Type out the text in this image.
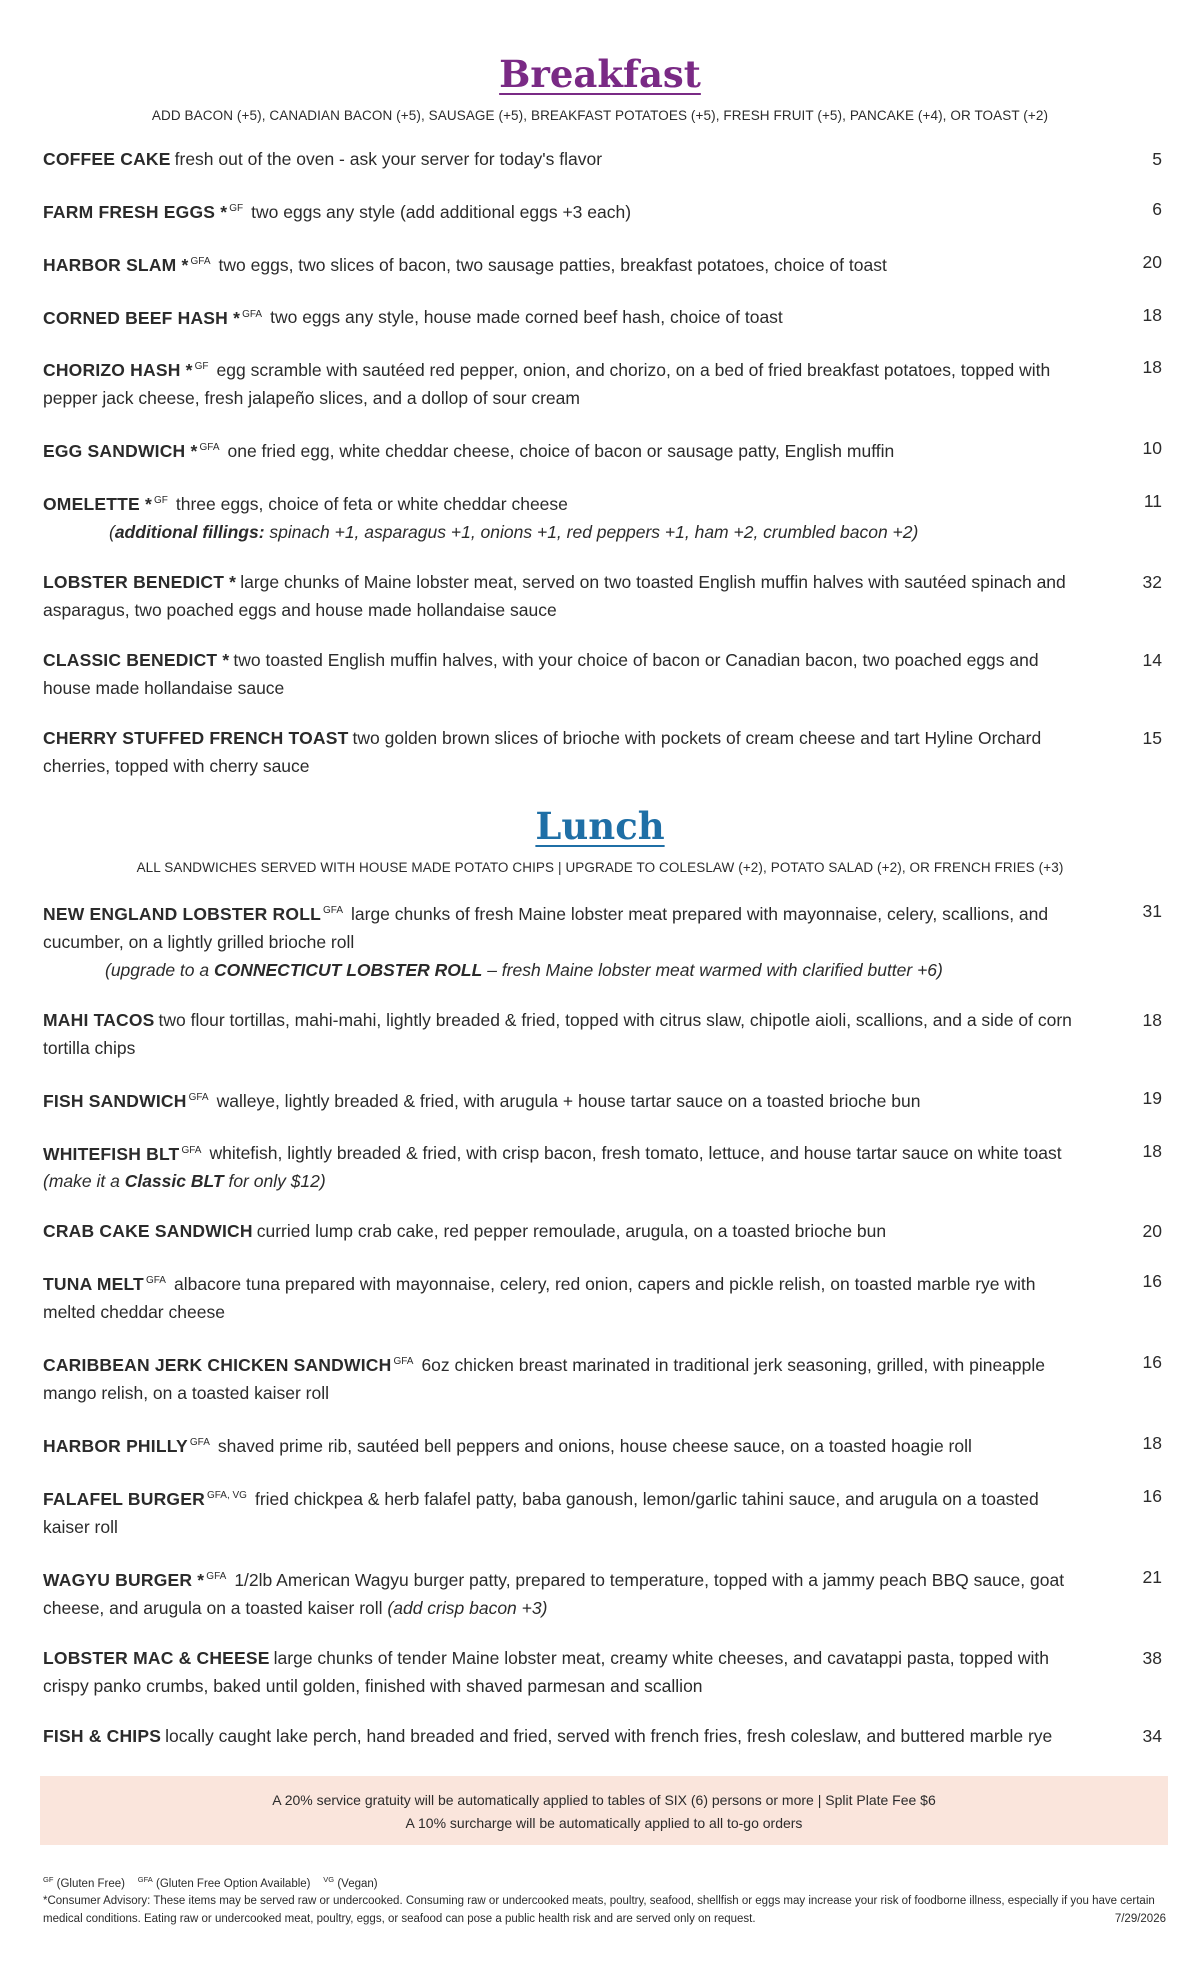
Breakfast
ADD BACON (+5), CANADIAN BACON (+5), SAUSAGE (+5), BREAKFAST POTATOES (+5), FRESH FRUIT (+5), PANCAKE (+4), OR TOAST (+2)
COFFEE CAKE fresh out of the oven - ask your server for today's flavor	5
FARM FRESH EGGS * $^{GF}$ two eggs any style (add additional eggs +3 each)	6
HARBOR SLAM * $^{GFA}$ two eggs, two slices of bacon, two sausage patties, breakfast potatoes, choice of toast	20
CORNED BEEF HASH * $^{GFA}$ two eggs any style, house made corned beef hash, choice of toast	18
CHORIZO HASH * $^{GF}$ egg scramble with sautéed red pepper, onion, and chorizo, on a bed of fried breakfast potatoes, topped with pepper jack cheese, fresh jalapeño slices, and a dollop of sour cream
18
EGG SANDWICH * $^{GFA}$ one fried egg, white cheddar cheese, choice of bacon or sausage patty, English muffin	10
OMELETTE * $^{GF}$ three eggs, choice of feta or white cheddar cheese
(additional fillings: spinach +1, asparagus +1, onions +1, red peppers +1, ham +2, crumbled bacon +2)
11
LOBSTER BENEDICT * large chunks of Maine lobster meat, served on two toasted English muffin halves with sautéed spinach and asparagus, two poached eggs and house made hollandaise sauce
32
CLASSIC BENEDICT * two toasted English muffin halves, with your choice of bacon or Canadian bacon, two poached eggs and house made hollandaise sauce
14
CHERRY STUFFED FRENCH TOAST two golden brown slices of brioche with pockets of cream cheese and tart Hyline Orchard cherries, topped with cherry sauce
15
Lunch
ALL SANDWICHES SERVED WITH HOUSE MADE POTATO CHIPS | UPGRADE TO COLESLAW (+2), POTATO SALAD (+2), OR FRENCH FRIES (+3)
NEW ENGLAND LOBSTER ROLL $^{GFA}$ large chunks of fresh Maine lobster meat prepared with mayonnaise, celery, scallions, and cucumber, on a lightly grilled brioche roll
(upgrade to a CONNECTICUT LOBSTER ROLL – fresh Maine lobster meat warmed with clarified butter +6)
31
MAHI TACOS two flour tortillas, mahi-mahi, lightly breaded & fried, topped with citrus slaw, chipotle aioli, scallions, and a side of corn tortilla chips
18
FISH SANDWICH $^{GFA}$ walleye, lightly breaded & fried, with arugula + house tartar sauce on a toasted brioche bun	19
WHITEFISH BLT $^{GFA}$ whitefish, lightly breaded & fried, with crisp bacon, fresh tomato, lettuce, and house tartar sauce on white toast (make it a Classic BLT for only $12)
18
CRAB CAKE SANDWICH curried lump crab cake, red pepper remoulade, arugula, on a toasted brioche bun	20
TUNA MELT $^{GFA}$ albacore tuna prepared with mayonnaise, celery, red onion, capers and pickle relish, on toasted marble rye with melted cheddar cheese
16
CARIBBEAN JERK CHICKEN SANDWICH $^{GFA}$ 6oz chicken breast marinated in traditional jerk seasoning, grilled, with pineapple mango relish, on a toasted kaiser roll
16
HARBOR PHILLY $^{GFA}$ shaved prime rib, sautéed bell peppers and onions, house cheese sauce, on a toasted hoagie roll	18
FALAFEL BURGER $^{GFA, VG}$ fried chickpea & herb falafel patty, baba ganoush, lemon/garlic tahini sauce, and arugula on a toasted kaiser roll
16
WAGYU BURGER * $^{GFA}$ 1/2lb American Wagyu burger patty, prepared to temperature, topped with a jammy peach BBQ sauce, goat cheese, and arugula on a toasted kaiser roll (add crisp bacon +3)
21
LOBSTER MAC & CHEESE large chunks of tender Maine lobster meat, creamy white cheeses, and cavatappi pasta, topped with crispy panko crumbs, baked until golden, finished with shaved parmesan and scallion
38
FISH & CHIPS locally caught lake perch, hand breaded and fried, served with french fries, fresh coleslaw, and buttered marble rye	34
A 20% service gratuity will be automatically applied to tables of SIX (6) persons or more | Split Plate Fee $6
A 10% surcharge will be automatically applied to all to-go orders
$^{GF}$ (Gluten Free) $^{GFA}$ (Gluten Free Option Available) $^{VG}$ (Vegan)
*Consumer Advisory: These items may be served raw or undercooked. Consuming raw or undercooked meats, poultry, seafood, shellfish or eggs may increase your risk of foodborne illness, especially if you have certain medical conditions. Eating raw or undercooked meat, poultry, eggs, or seafood can pose a public health risk and are served only on request.	7/29/2026
